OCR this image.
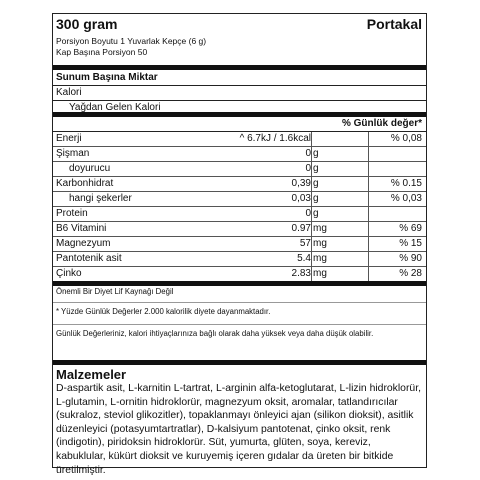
300 gram	Portakal
Porsiyon Boyutu 1 Yuvarlak Kepçe (6 g)
Kap Başına Porsiyon 50
Sunum Başına Miktar
Kalori
Yağdan Gelen Kalori
% Günlük değer*
Enerji	^ 6.7kJ / 1.6kcal	% 0,08
Şişman	0 g
doyurucu	0 g
Karbonhidrat	0,39 g	% 0.15
hangi şekerler	0,03 g	% 0,03
Protein	0 g
B6 Vitamini	0.97 mg	% 69
Magnezyum	57 mg	% 15
Pantotenik asit	5.4 mg	% 90
Çinko	2.83 mg	% 28
Önemli Bir Diyet Lif Kaynağı Değil
* Yüzde Günlük Değerler 2.000 kalorilik diyete dayanmaktadır.
Günlük Değerleriniz, kalori ihtiyaçlarınıza bağlı olarak daha yüksek veya daha düşük olabilir.
Malzemeler
D-aspartik asit, L-karnitin L-tartrat, L-arginin alfa-ketoglutarat, L-lizin hidroklorür, L-glutamin, L-ornitin hidroklorür, magnezyum oksit, aromalar, tatlandırıcılar (sukraloz, steviol glikozitler), topaklanmayı önleyici ajan (silikon dioksit), asitlik düzenleyici (potasyumtartratlar), D-kalsiyum pantotenat, çinko oksit, renk (indigotin), piridoksin hidroklorür. Süt, yumurta, glüten, soya, kereviz, kabuklular, kükürt dioksit ve kuruyemiş içeren gıdalar da üreten bir bitkide üretilmiştir.
